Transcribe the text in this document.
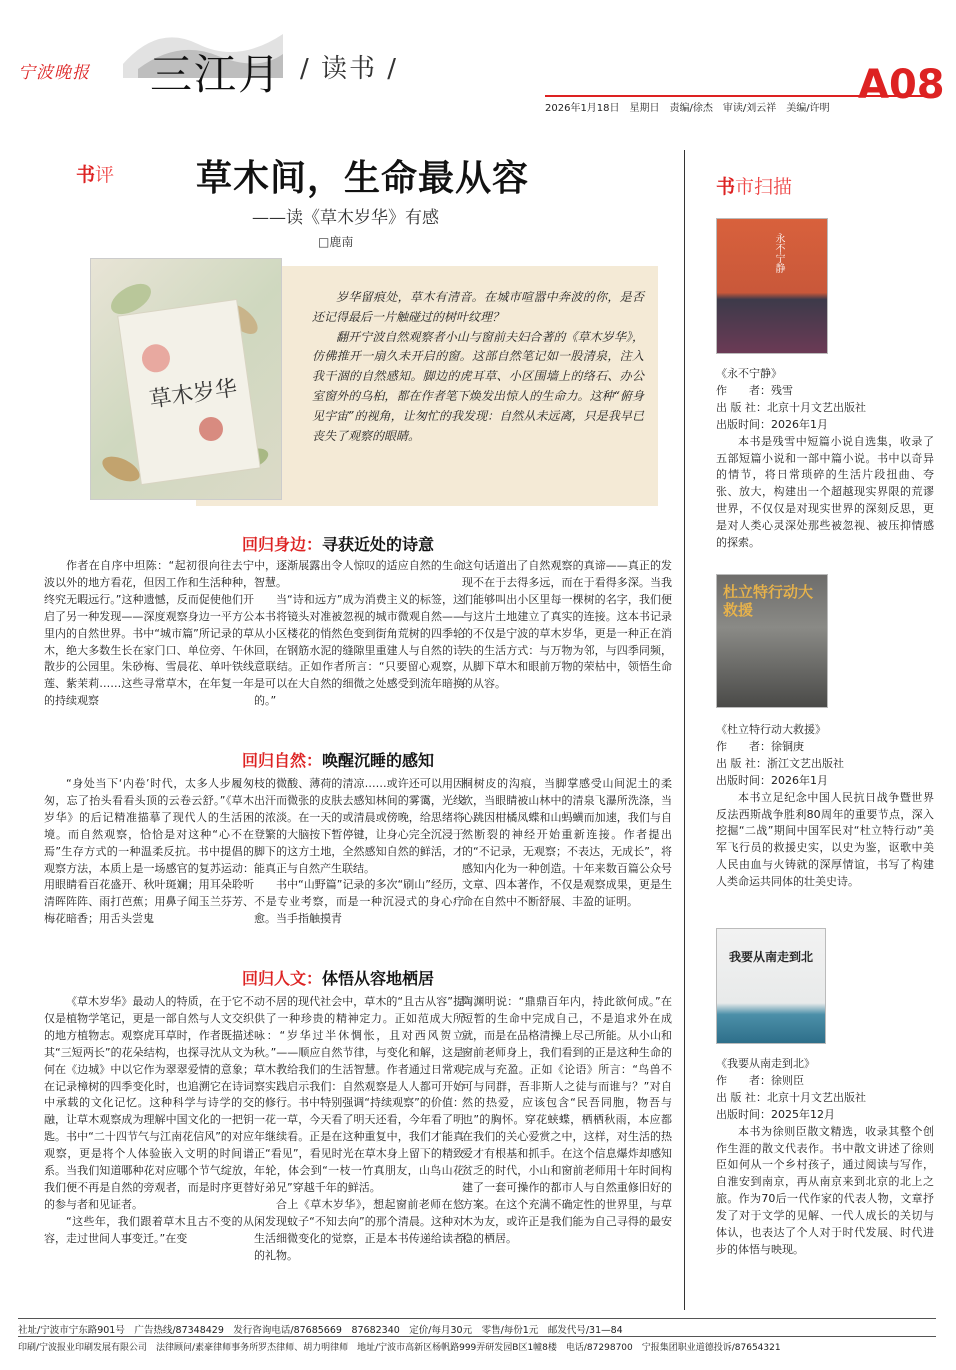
宁波晚报 三江月 / 读书 /	A08
2026年1月18日　星期日　责编/徐杰　审读/刘云祥　美编/许明
书评 草木间，生命最从容
——读《草木岁华》有感
□鹿南
草木岁华

岁华留痕处，草木有清音。在城市喧嚣中奔波的你，是否还记得最后一片触碰过的树叶纹理？

翻开宁波自然观察者小山与窗前夫妇合著的《草木岁华》，仿佛推开一扇久未开启的窗。这部自然笔记如一股清泉，注入我干涸的自然感知。脚边的虎耳草、小区围墙上的络石、办公室窗外的乌桕，都在作者笔下焕发出惊人的生命力。这种“俯身见宇宙”的视角，让匆忙的我发现：自然从未远离，只是我早已丧失了观察的眼睛。

回归身边：寻获近处的诗意

作者在自序中坦陈：“起初很向往去宁波以外的地方看花，但因工作和生活种种，终究无暇远行。”这种遗憾，反而促使他们开启了另一种发现——深度观察身边一平方公里内的自然世界。书中“城市篇”所记录的草木，绝大多数生长在家门口、单位旁、午休散步的公园里。朱砂梅、雪晨花、单叶铁线莲、紫茉莉……这些寻常草木，在年复一年的持续观察

中，逐渐展露出令人惊叹的适应自然的生命智慧。

当“诗和远方”成为消费主义的标签，这本书将镜头对准被忽视的城市微观自然——从小区楼花的悄然色变到街角荒树的四季轮回，在钢筋水泥的缝隙里重建人与自然的诗意联结。正如作者所言：“只要留心观察，是可以在大自然的细微之处感受到流年暗换的。”

这句话道出了自然观察的真谛——真正的发现不在于去得多远，而在于看得多深。当我们能够叫出小区里每一棵树的名字，我们便与这片土地建立了真实的连接。这本书记录的不仅是宁波的草木岁华，更是一种正在消失的生活方式：与万物为邻，与四季同频，从脚下草木和眼前万物的荣枯中，领悟生命的从容。

回归自然：唤醒沉睡的感知

“身处当下‘内卷’时代，太多人步履匆匆，忘了抬头看看头顶的云卷云舒。”《草木岁华》的后记精准描摹了现代人的生活困境。而自然观察，恰恰是对这种“心不在焉”生存方式的一种温柔反抗。书中提倡的观察方法，本质上是一场感官的复苏运动：用眼睛看百花盛开、秋叶斑斓；用耳朵聆听清晖阵阵、雨打芭蕉；用鼻子闻玉兰芬芳、梅花暗香；用舌头尝鬼

枝的微酸、薄荷的清凉……或许还可以用因出汗而微张的皮肤去感知林间的雾霭，光线的浓淡。在一天的或清晨或傍晚，给思绪将登繁的大脑按下暂停键，让身心完全沉浸于脚下的这方土地，全然感知自然的鲜活，才能真正与自然产生联结。

书中“山野篇”记录的多次“刷山”经历，不是专业考察，而是一种沉浸式的身心疗愈。当手指触摸青

桐树皮的沟痕，当脚掌感受山间泥土的柔软，当眼睛被山林中的清泉飞瀑所洗涤，当心跳因柑橘凤蝶和山蚂蟥而加速，我们与自然断裂的神经开始重新连接。作者提出的“不记录，无观察；不表达，无成长”，将感知内化为一种创造。十年来数百篇公众号文章、四本著作，不仅是观察成果，更是生命在自然中不断舒展、丰盈的证明。

回归人文：体悟从容地栖居

《草木岁华》最动人的特质，在于它不仅是植物学笔记，更是一部自然与人文交织的地方植物志。观察虎耳草时，作者既描述其“三短两长”的花朵结构，也探寻沈从文为何在《边城》中以它作为翠翠爱情的意象；在记录樟树的四季变化时，也追溯它在诗词中承载的文化记忆。这种科学与诗学的交融，让草木观察成为理解中国文化的一把钥匙。书中“二十四节气与江南花信风”的对应观察，更是将个人体验嵌入文明的时间谱系。当我们知道哪种花对应哪个节气绽放，我们便不再是自然的旁观者，而是时序更替的参与者和见证者。

“这些年，我们跟着草木且古不变的从容，走过世间人事变迁。”在变

动不居的现代社会中，草木的“且古从容”提供了一种珍贵的精神定力。正如范成大所咏：“岁华过半休惆怅，且对西风贺立秋。”——顺应自然节律，与变化和解，这是草木教给我们的生活智慧。作者通过日常观察实践启示我们：自然观察是人人都可开始的修行。书中特别强调“持续观察”的价值：一花一草，今天看了明天还看，今年看了明年继续看。正是在这种重复中，我们才能真正“看见”，看见时光在草木身上留下的精致年轮，体会到“一枝一竹真朋友，山鸟山花好弟兄”穿越千年的鲜活。

合上《草木岁华》，想起窗前老师在悠闲发现蚊子“不知去向”的那个清晨。这种对生活细微变化的觉察，正是本书传递给读者的礼物。

陶渊明说：“鼎鼎百年内，持此欲何成。”在短暂的生命中完成自己，不是追求外在成就，而是在品格清操上尽己所能。从小山和窗前老师身上，我们看到的正是这种生命的完成与充盈。正如《论语》所言：“鸟兽不可与同群，吾非斯人之徒与而谁与？”对自然的热爱，应该包含“民吾同胞，物吾与也”的胸怀。穿花蛱蝶，栖栖秋雨，本应都在我们的关心爱赏之中，这样，对生活的热爱才有根基和抓手。在这个信息爆炸却感知贫乏的时代，小山和窗前老师用十年时间构建了一套可操作的都市人与自然重修旧好的方案。在这个充满不确定性的世界里，与草木为友，或许正是我们能为自己寻得的最安稳的栖居。

书市扫描
永不宁静

《永不宁静》

作　　者：残雪

出 版 社：北京十月文艺出版社

出版时间：2026年1月

本书是残雪中短篇小说自选集，收录了五部短篇小说和一部中篇小说。书中以奇异的情节，将日常琐碎的生活片段扭曲、夸张、放大，构建出一个超越现实界限的荒谬世界，不仅仅是对现实世界的深刻反思，更是对人类心灵深处那些被忽视、被压抑情感的探索。

杜立特行动大救援

《杜立特行动大救援》

作　　者：徐铜庚

出 版 社：浙江文艺出版社

出版时间：2026年1月

本书立足纪念中国人民抗日战争暨世界反法西斯战争胜利80周年的重要节点，深入挖掘“二战”期间中国军民对“杜立特行动”美军飞行员的救援史实，以史为鉴，讴歌中美人民由血与火铸就的深厚情谊，书写了构建人类命运共同体的壮美史诗。

我要从南走到北

《我要从南走到北》

作　　者：徐则臣

出 版 社：北京十月文艺出版社

出版时间：2025年12月

本书为徐则臣散文精选，收录其整个创作生涯的散文代表作。书中散文讲述了徐则臣如何从一个乡村孩子，通过阅读与写作，自淮安到南京，再从南京来到北京的北上之旅。作为70后一代作家的代表人物，文章抒发了对于文学的见解、一代人成长的关切与体认，也表达了个人对于时代发展、时代进步的体悟与映现。

社址/宁波市宁东路901号　广告热线/87348429　发行咨询电话/87685669　87682340　定价/每月30元　零售/每份1元　邮发代号/31—84
印刷/宁波报业印刷发展有限公司　法律顾问/素豪律师事务所罗杰律师、胡力明律师　地址/宁波市高新区杨帆路999弄研发园B区1幢8楼　电话/87298700　宁报集团职业道德投诉/87654321
